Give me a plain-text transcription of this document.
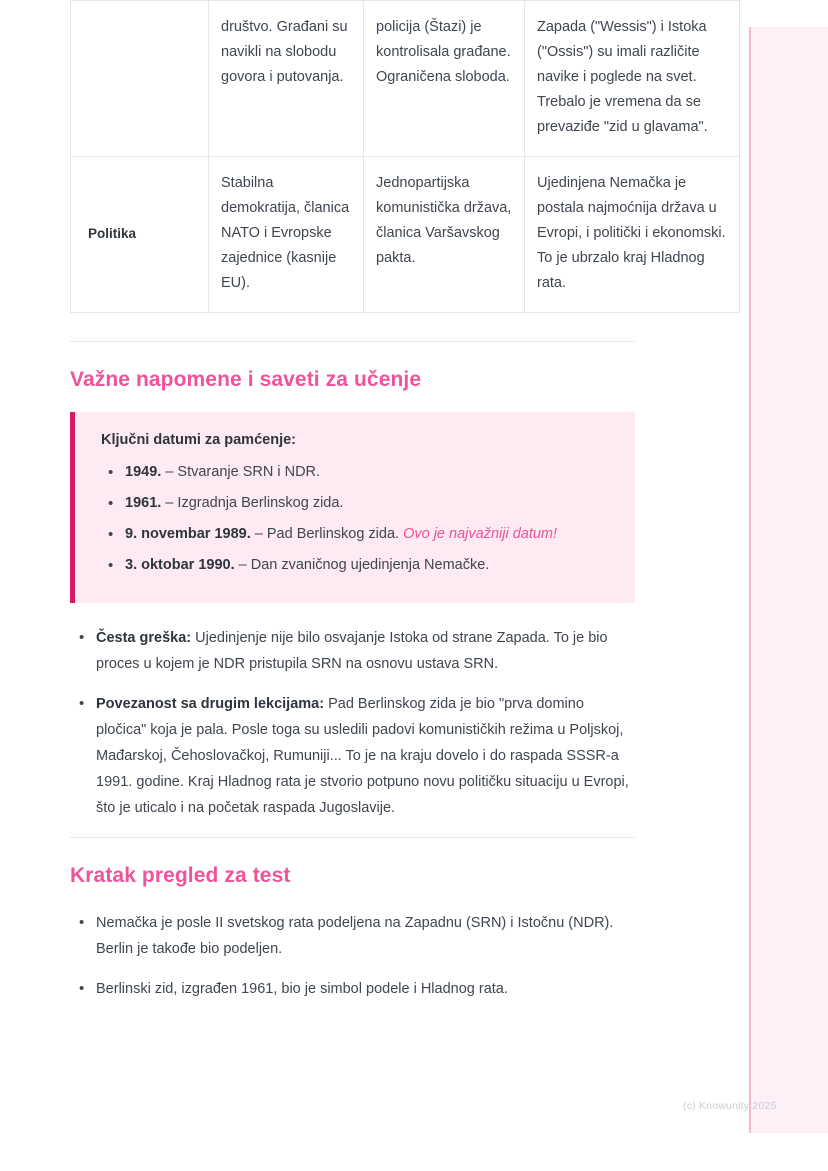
	društvo. Građani su navikli na slobodu govora i putovanja.	policija (Štazi) je kontrolisala građane. Ograničena sloboda.	Zapada ("Wessis") i Istoka ("Ossis") su imali različite navike i poglede na svet. Trebalo je vremena da se prevaziđe "zid u glavama".
Politika	Stabilna demokratija, članica NATO i Evropske zajednice (kasnije EU).	Jednopartijska komunistička država, članica Varšavskog pakta.	Ujedinjena Nemačka je postala najmoćnija država u Evropi, i politički i ekonomski. To je ubrzalo kraj Hladnog rata.
Važne napomene i saveti za učenje
Ključni datumi za pamćenje:
• 1949. – Stvaranje SRN i NDR.
• 1961. – Izgradnja Berlinskog zida.
• 9. novembar 1989. – Pad Berlinskog zida. Ovo je najvažniji datum!
• 3. oktobar 1990. – Dan zvaničnog ujedinjenja Nemačke.
• Česta greška: Ujedinjenje nije bilo osvajanje Istoka od strane Zapada. To je bio proces u kojem je NDR pristupila SRN na osnovu ustava SRN.
• Povezanost sa drugim lekcijama: Pad Berlinskog zida je bio "prva domino pločica" koja je pala. Posle toga su usledili padovi komunističkih režima u Poljskoj, Mađarskoj, Čehoslovačkoj, Rumuniji... To je na kraju dovelo i do raspada SSSR-a 1991. godine. Kraj Hladnog rata je stvorio potpuno novu političku situaciju u Evropi, što je uticalo i na početak raspada Jugoslavije.
Kratak pregled za test
• Nemačka je posle II svetskog rata podeljena na Zapadnu (SRN) i Istočnu (NDR). Berlin je takođe bio podeljen.
• Berlinski zid, izgrađen 1961, bio je simbol podele i Hladnog rata.
(c) Knowunity 2025
